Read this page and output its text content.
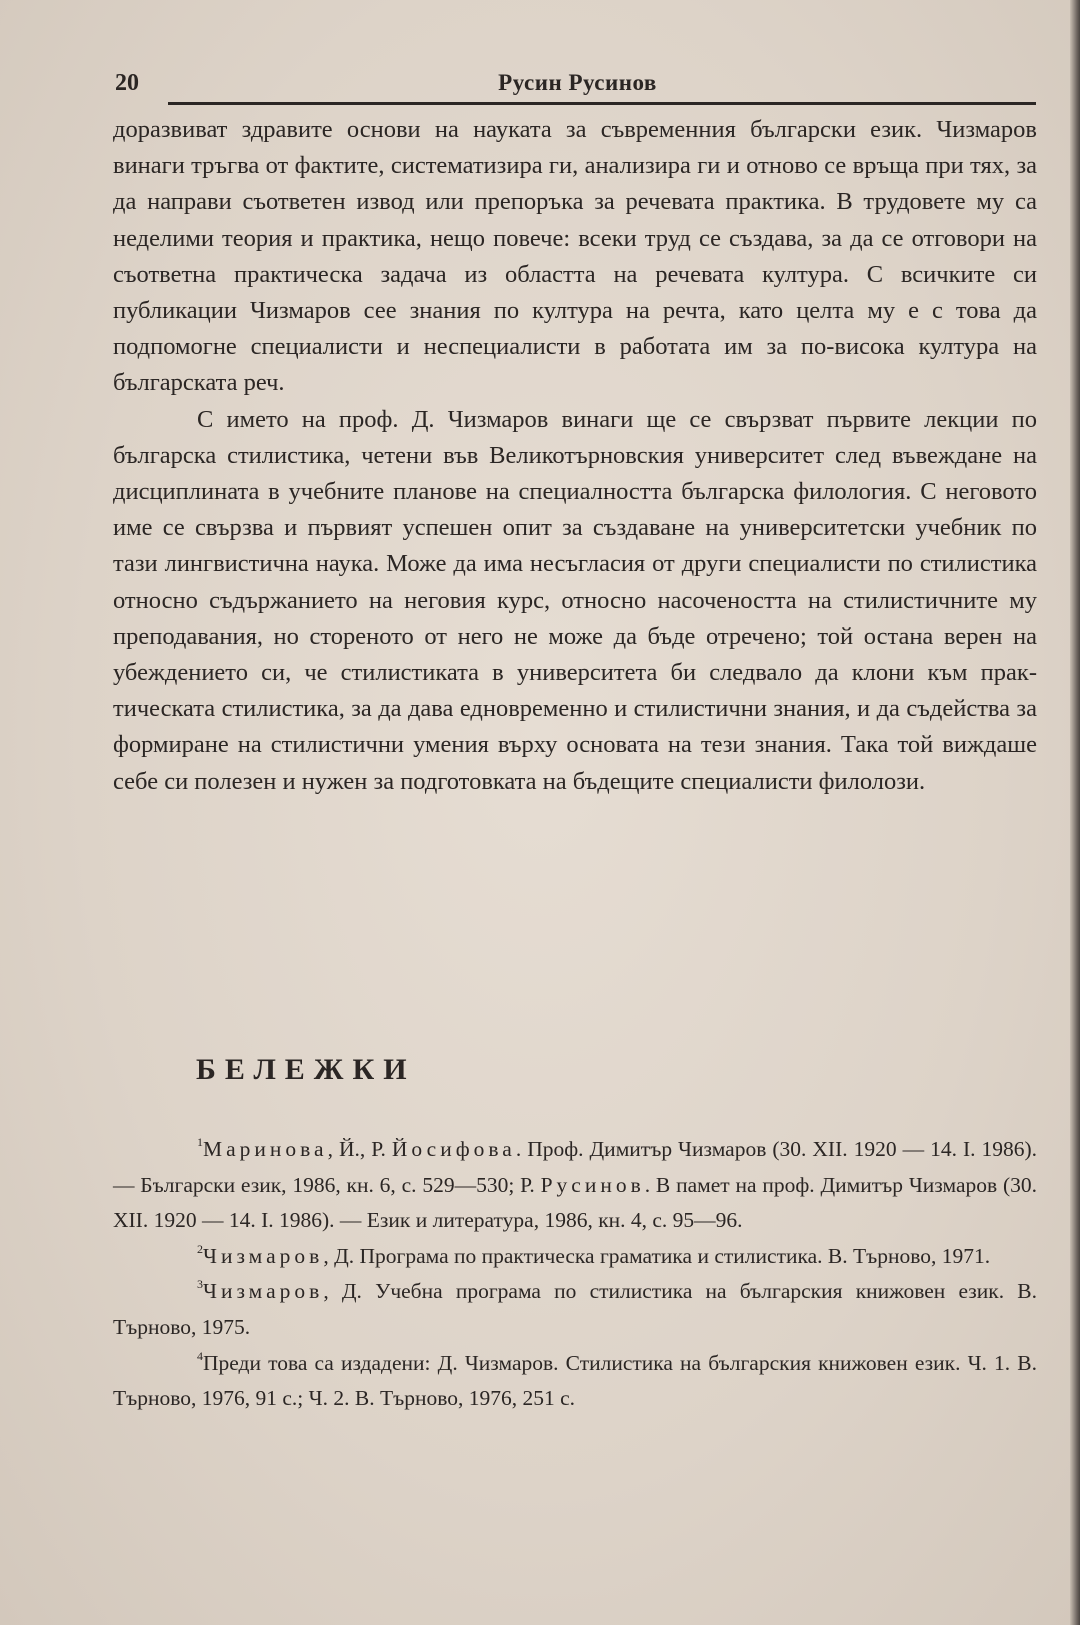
20	Русин Русинов

доразвиват здравите основи на науката за съвременния български език. Чизмаров винаги тръгва от фактите, систематизира ги, анализира ги и отново се връща при тях, за да направи съответен извод или препоръка за речевата практика. В трудовете му са неделими теория и практика, нещо повече: всеки труд се създава, за да се отговори на съответна практическа задача из областта на речевата култура. С всичките си публикации Чизмаров сее знания по култура на речта, като целта му е с това да подпомогне специалисти и неспециалисти в работата им за по-висока култура на българската реч.

С името на проф. Д. Чизмаров винаги ще се свързват първите лекции по българска стилистика, четени във Великотърновския университет след въвеждане на дисциплината в учебните планове на специалността българска филология. С неговото име се свързва и първият успешен опит за създаване на университетски учебник по тази лингвистична наука. Може да има несъгласия от други специалисти по стилистика относно съдържанието на неговия курс, относно насочеността на стилистичните му преподавания, но стореното от него не може да бъде отречено; той остана верен на убеждението си, че стилистиката в университета би следвало да клони към практическата стилистика, за да дава едновременно и стилистични знания, и да съдейства за формиране на стилистични умения върху основата на тези знания. Така той виждаше себе си полезен и нужен за подготовката на бъдещите специалисти филолози.

БЕЛЕЖКИ

$^1$Маринова, Й., Р. Йосифова. Проф. Димитър Чизмаров (30. XII. 1920 — 14. I. 1986). — Български език, 1986, кн. 6, с. 529—530; Р. Русинов. В памет на проф. Димитър Чизмаров (30. XII. 1920 — 14. I. 1986). — Език и литература, 1986, кн. 4, с. 95—96.

$^2$Чизмаров, Д. Програма по практическа граматика и стилистика. В. Търново, 1971.

$^3$Чизмаров, Д. Учебна програма по стилистика на българския книжовен език. В. Търново, 1975.

$^4$Преди това са издадени: Д. Чизмаров. Стилистика на българския книжовен език. Ч. 1. В. Търново, 1976, 91 с.; Ч. 2. В. Търново, 1976, 251 с.
